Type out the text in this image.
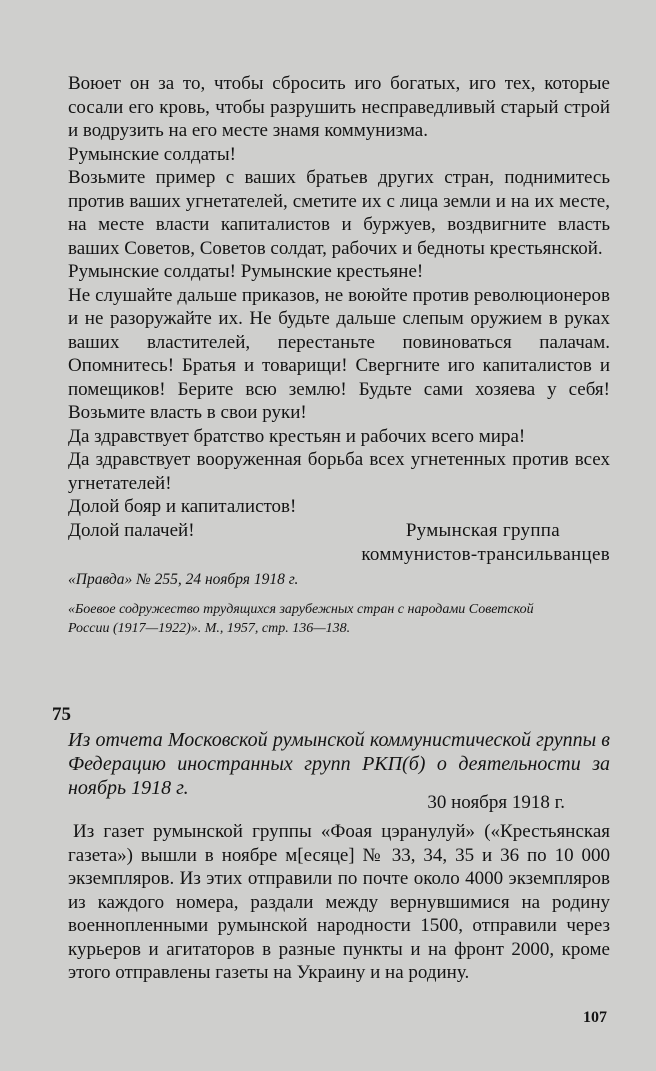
Воюет он за то, чтобы сбросить иго богатых, иго тех, которые сосали его кровь, чтобы разрушить несправедливый старый строй и водрузить на его месте знамя коммунизма.

Румынские солдаты!

Возьмите пример с ваших братьев других стран, поднимитесь против ваших угнетателей, сметите их с лица земли и на их месте, на месте власти капиталистов и буржуев, воздвигните власть ваших Советов, Советов солдат, рабочих и бедноты крестьянской.

Румынские солдаты! Румынские крестьяне!

Не слушайте дальше приказов, не воюйте против революционеров и не разоружайте их. Не будьте дальше слепым оружием в руках ваших властителей, перестаньте повиноваться палачам. Опомнитесь! Братья и товарищи! Свергните иго капиталистов и помещиков! Берите всю землю! Будьте сами хозяева у себя! Возьмите власть в свои руки!

Да здравствует братство крестьян и рабочих всего мира!

Да здравствует вооруженная борьба всех угнетенных против всех угнетателей!

Долой бояр и капиталистов!

Долой палачей!	Румынская группа

коммунистов-трансильванцев

«Правда» № 255, 24 ноября 1918 г.

«Боевое содружество трудящихся зарубежных стран с народами Советской России (1917—1922)». М., 1957, стр. 136—138.

75

Из отчета Московской румынской коммунистической группы в Федерацию иностранных групп РКП(б) о деятельности за ноябрь 1918 г.

30 ноября 1918 г.

Из газет румынской группы «Фоая цэранулуй» («Крестьянская газета») вышли в ноябре м[есяце] № 33, 34, 35 и 36 по 10 000 экземпляров. Из этих отправили по почте около 4000 экземпляров из каждого номера, раздали между вернувшимися на родину военнопленными румынской народности 1500, отправили через курьеров и агитаторов в разные пункты и на фронт 2000, кроме этого отправлены газеты на Украину и на родину.

107
